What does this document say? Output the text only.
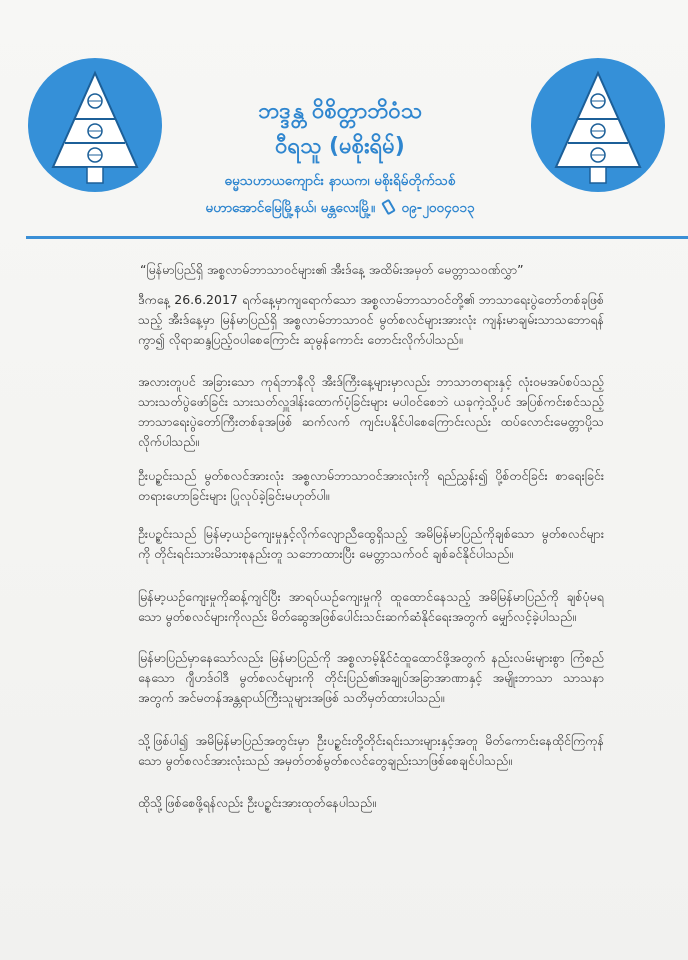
ဘဒ္ဒန္တ ဝိစိတ္တာဘိဝံသ
ဝီရသူ (မစိုးရိမ်)
ဓမ္မသဟာယကျောင်း နာယက၊ မစိုးရိမ်တိုက်သစ်
မဟာအောင်မြေမြို့နယ်၊ မန္တလေးမြို့။ ၀၉-၂၀၀၄၀၁၃
“မြန်မာပြည်ရှိ အစ္စလာမ်ဘာသာဝင်များ၏ အီးဒ်နေ့ အထိမ်းအမှတ် မေတ္တာသဝဏ်လွှာ”
ဒီကနေ့ 26.6.2017 ရက်နေ့မှာကျရောက်သော အစ္စလာမ်ဘာသာဝင်တို့၏ ဘာသာရေးပွဲတော်တစ်ခုဖြစ်သည့် အီးဒ်နေ့မှာ မြန်မာပြည်ရှိ အစ္စလာမ်ဘာသာဝင် မွတ်စလင်များအားလုံး ကျန်းမာချမ်းသာသဘောရန်ကွာ၍ လိုရာဆန္ဒပြည့်ဝပါစေကြောင်း ဆုမွန်ကောင်း တောင်းလိုက်ပါသည်။
အလားတူပင် အခြားသော ကုရ်ဘာနီလို အီးဒ်ကြီးနေ့များမှာလည်း ဘာသာတရားနှင့် လုံးဝမအပ်စပ်သည့် သားသတ်ပွဲဖော်ခြင်း သားသတ်လှူဒါန်းထောက်ပံ့ခြင်းများ မပါဝင်စေဘဲ ယခုကဲ့သို့ပင် အပြစ်ကင်းစင်သည့် ဘာသာရေးပွဲတော်ကြီးတစ်ခုအဖြစ် ဆက်လက် ကျင်းပနိုင်ပါစေကြောင်းလည်း ထပ်လောင်းမေတ္တာပို့သလိုက်ပါသည်။
ဦးပဥ္စင်းသည် မွတ်စလင်အားလုံး အစ္စလာမ်ဘာသာဝင်အားလုံးကို ရည်ညွှန်း၍ ပို့စ်တင်ခြင်း စာရေးခြင်း တရားဟောခြင်းများ ပြုလုပ်ခဲ့ခြင်းမဟုတ်ပါ။
ဦးပဥ္စင်းသည် မြန်မာ့ယဉ်ကျေးမှုနှင့်လိုက်လျောညီထွေရှိသည့် အမိမြန်မာပြည်ကိုချစ်သော မွတ်စလင်များကို တိုင်းရင်းသားမိသားစုနည်းတူ သဘောထားပြီး မေတ္တာသက်ဝင် ချစ်ခင်နိုင်ပါသည်။
မြန်မာ့ယဉ်ကျေးမှုကိုဆန့်ကျင်ပြီး အာရပ်ယဉ်ကျေးမှုကို ထူထောင်နေသည့် အမိမြန်မာပြည်ကို ချစ်ပုံမရသော မွတ်စလင်များကိုလည်း မိတ်ဆွေအဖြစ်ပေါင်းသင်းဆက်ဆံနိုင်ရေးအတွက် မျှော်လင့်ခဲ့ပါသည်။
မြန်မာပြည်မှာနေသော်လည်း မြန်မာပြည်ကို အစ္စလာမ့်နိုင်ငံထူထောင်ဖို့အတွက် နည်းလမ်းများစွာ ကြံစည်နေသော ဂျီဟဒ်ဝါဒီ မွတ်စလင်များကို တိုင်းပြည်၏အချုပ်အခြာအာဏာနှင့် အမျိုးဘာသာ သာသနာအတွက် အင်မတန်အန္တရာယ်ကြီးသူများအဖြစ် သတိမှတ်ထားပါသည်။
သို့ဖြစ်ပါ၍ အမိမြန်မာပြည်အတွင်းမှာ ဦးပဥ္စင်းတို့တိုင်းရင်းသားများနှင့်အတူ မိတ်ကောင်းနေထိုင်ကြကုန်သော မွတ်စလင်အားလုံးသည် အမှတ်တစ်မွတ်စလင်တွေချည်းသာဖြစ်စေချင်ပါသည်။
ထိုသို့ဖြစ်စေဖို့ရန်လည်း ဦးပဥ္စင်းအားထုတ်နေပါသည်။
